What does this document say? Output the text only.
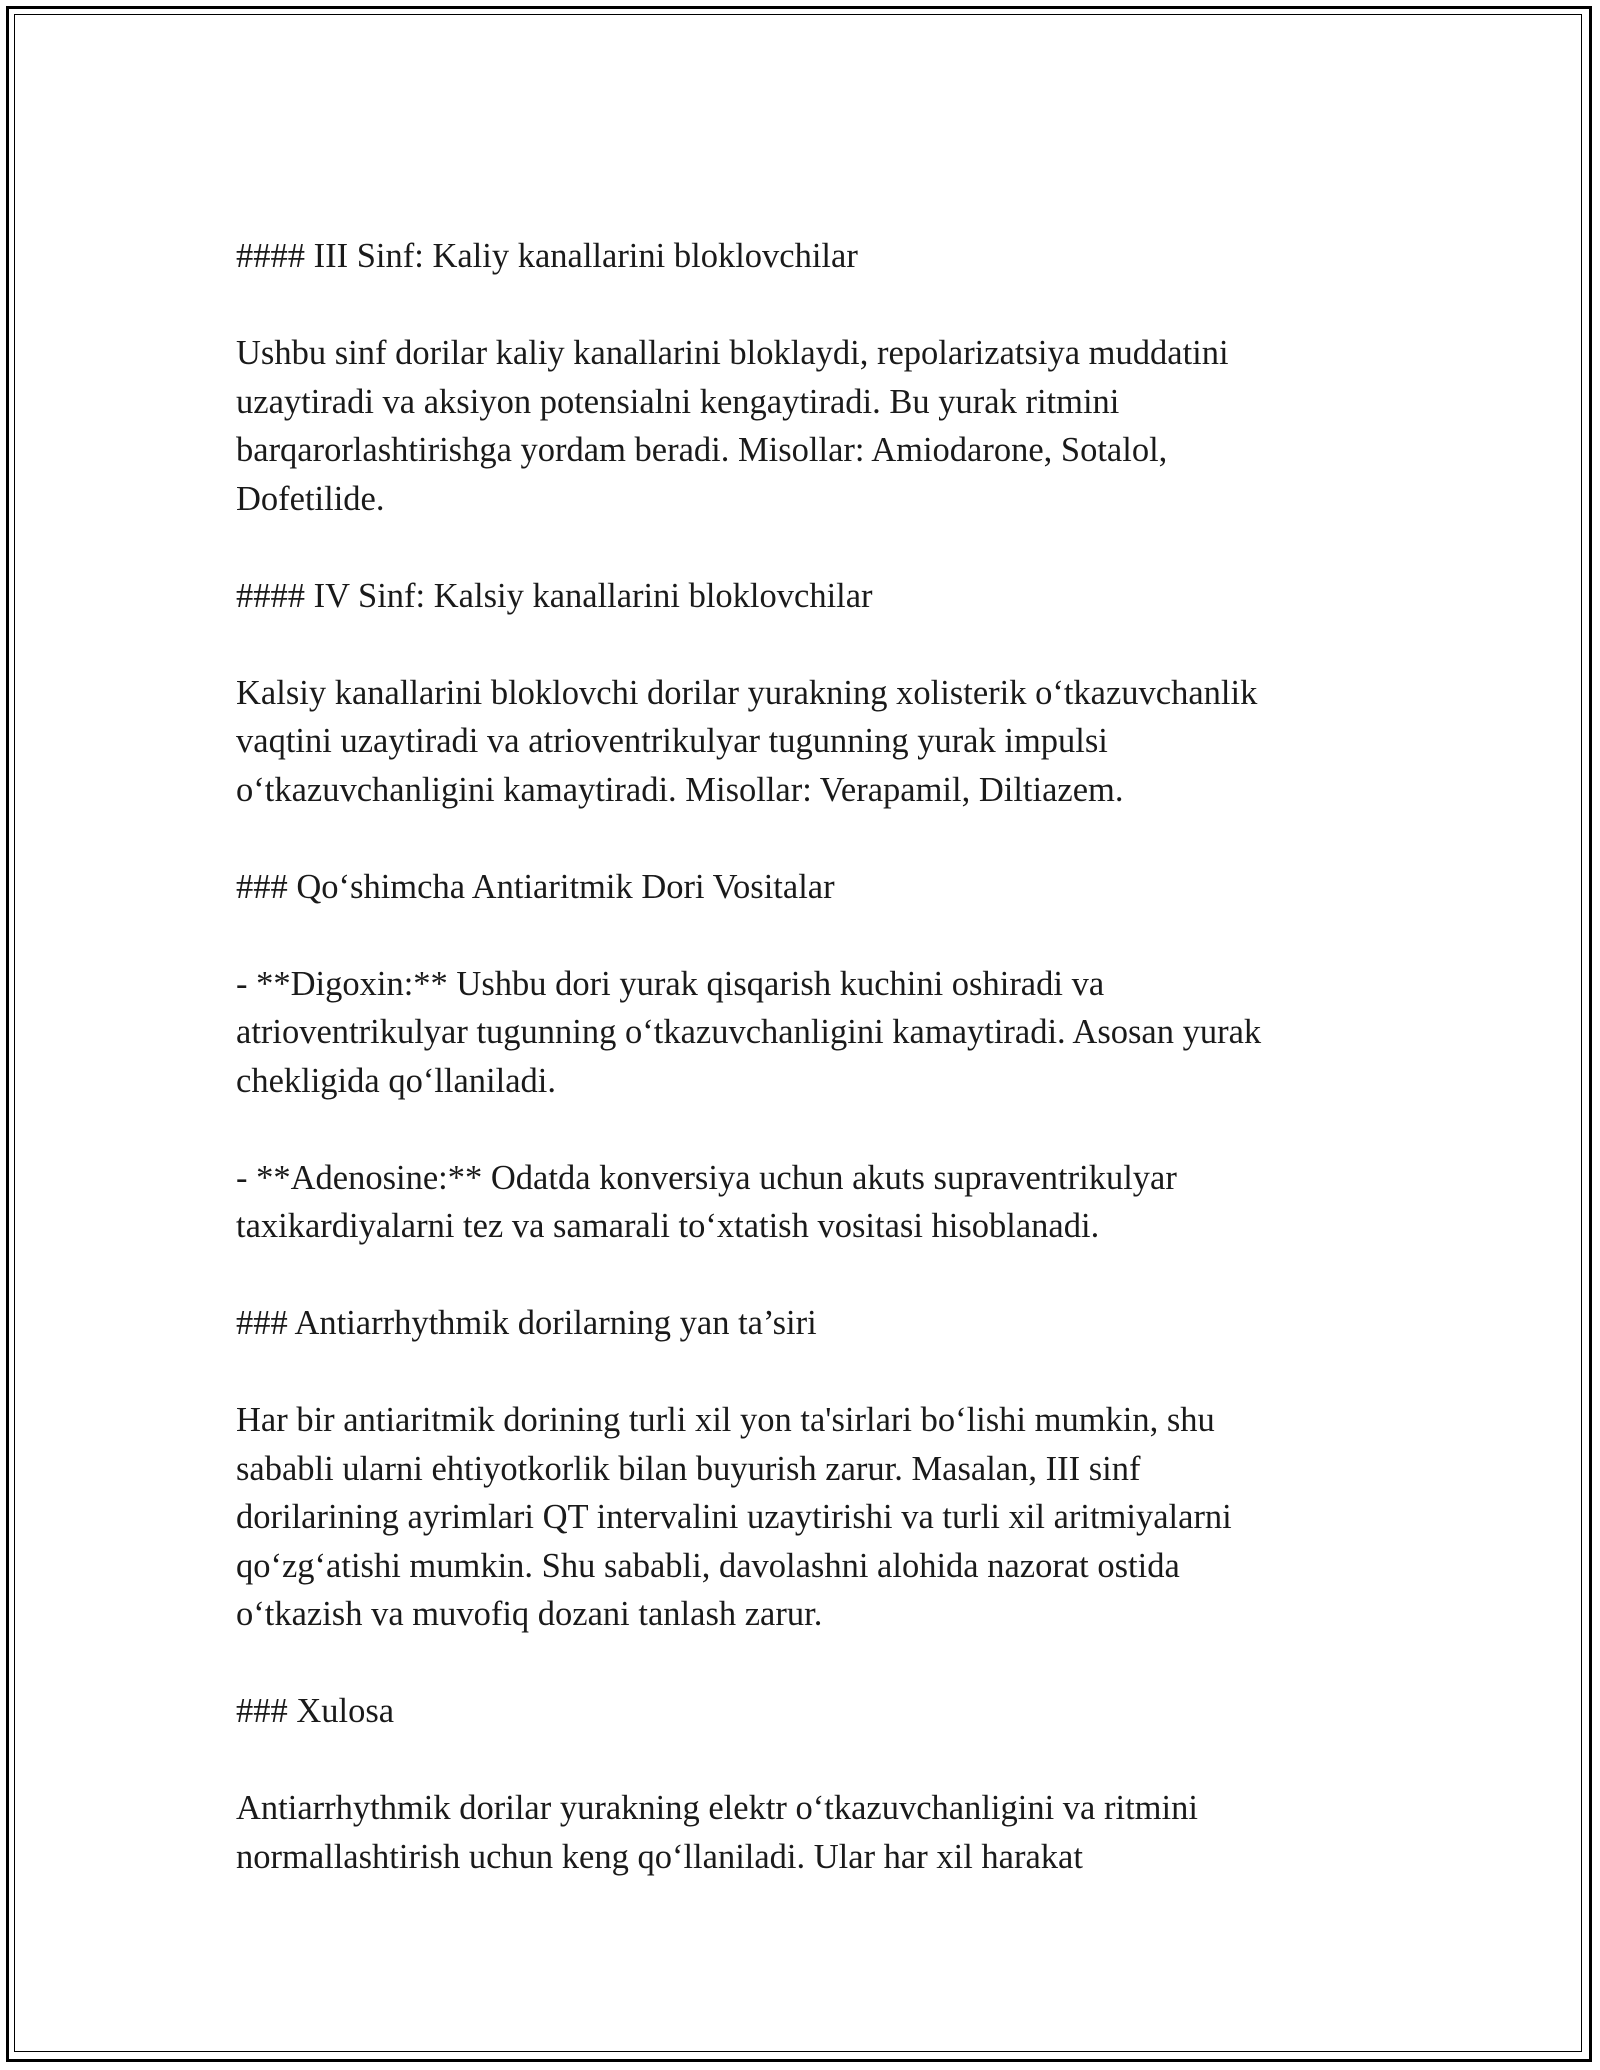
#### III Sinf: Kaliy kanallarini bloklovchilar

Ushbu sinf dorilar kaliy kanallarini bloklaydi, repolarizatsiya muddatini
uzaytiradi va aksiyon potensialni kengaytiradi. Bu yurak ritmini
barqarorlashtirishga yordam beradi. Misollar: Amiodarone, Sotalol,
Dofetilide.

#### IV Sinf: Kalsiy kanallarini bloklovchilar

Kalsiy kanallarini bloklovchi dorilar yurakning xolisterik o‘tkazuvchanlik
vaqtini uzaytiradi va atrioventrikulyar tugunning yurak impulsi
o‘tkazuvchanligini kamaytiradi. Misollar: Verapamil, Diltiazem.

### Qo‘shimcha Antiaritmik Dori Vositalar

- **Digoxin:** Ushbu dori yurak qisqarish kuchini oshiradi va
atrioventrikulyar tugunning o‘tkazuvchanligini kamaytiradi. Asosan yurak
chekligida qo‘llaniladi.

- **Adenosine:** Odatda konversiya uchun akuts supraventrikulyar
taxikardiyalarni tez va samarali to‘xtatish vositasi hisoblanadi.

### Antiarrhythmik dorilarning yan ta’siri

Har bir antiaritmik dorining turli xil yon ta'sirlari bo‘lishi mumkin, shu
sababli ularni ehtiyotkorlik bilan buyurish zarur. Masalan, III sinf
dorilarining ayrimlari QT intervalini uzaytirishi va turli xil aritmiyalarni
qo‘zg‘atishi mumkin. Shu sababli, davolashni alohida nazorat ostida
o‘tkazish va muvofiq dozani tanlash zarur.

### Xulosa

Antiarrhythmik dorilar yurakning elektr o‘tkazuvchanligini va ritmini
normallashtirish uchun keng qo‘llaniladi. Ular har xil harakat
